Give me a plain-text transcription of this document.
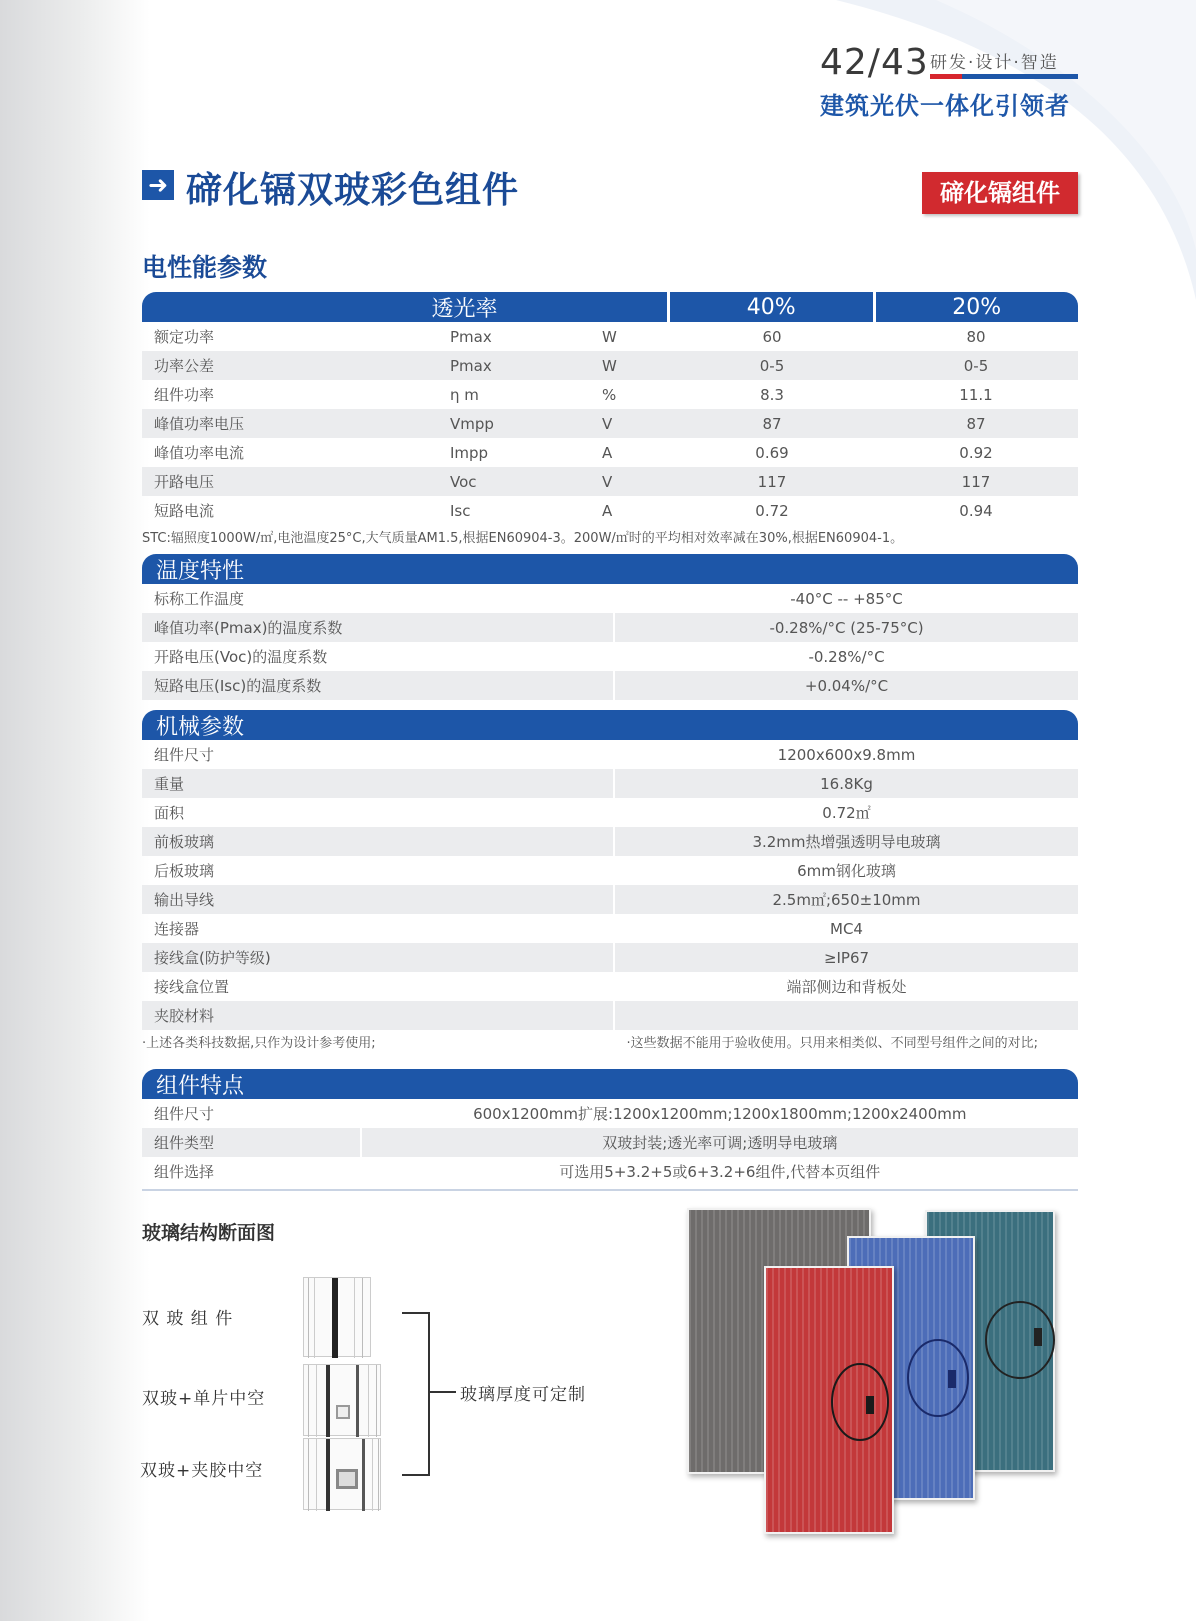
42/43 研发·设计·智造
建筑光伏一体化引领者
➜ 碲化镉双玻彩色组件	碲化镉组件
电性能参数
透光率	40%	20%
额定功率	Pmax	W	60	80
功率公差	Pmax	W	0-5	0-5
组件功率	η m	%	8.3	11.1
峰值功率电压	Vmpp	V	87	87
峰值功率电流	Impp	A	0.69	0.92
开路电压	Voc	V	117	117
短路电流	Isc	A	0.72	0.94
STC:辐照度1000W/㎡,电池温度25°C,大气质量AM1.5,根据EN60904-3。200W/㎡时的平均相对效率减在30%,根据EN60904-1。
温度特性
标称工作温度	-40°C -- +85°C
峰值功率(Pmax)的温度系数	-0.28%/°C (25-75°C)
开路电压(Voc)的温度系数	-0.28%/°C
短路电压(Isc)的温度系数	+0.04%/°C
机械参数
组件尺寸	1200x600x9.8mm
重量	16.8Kg
面积	0.72㎡
前板玻璃	3.2mm热增强透明导电玻璃
后板玻璃	6mm钢化玻璃
输出导线	2.5m㎡;650±10mm
连接器	MC4
接线盒(防护等级)	≥IP67
接线盒位置	端部侧边和背板处
夹胶材料
·上述各类科技数据,只作为设计参考使用;	·这些数据不能用于验收使用。只用来相类似、不同型号组件之间的对比;
组件特点
组件尺寸	600x1200mm扩展:1200x1200mm;1200x1800mm;1200x2400mm
组件类型	双玻封装;透光率可调;透明导电玻璃
组件选择	可选用5+3.2+5或6+3.2+6组件,代替本页组件
玻璃结构断面图
双 玻 组 件
双玻+单片中空
双玻+夹胶中空
玻璃厚度可定制
